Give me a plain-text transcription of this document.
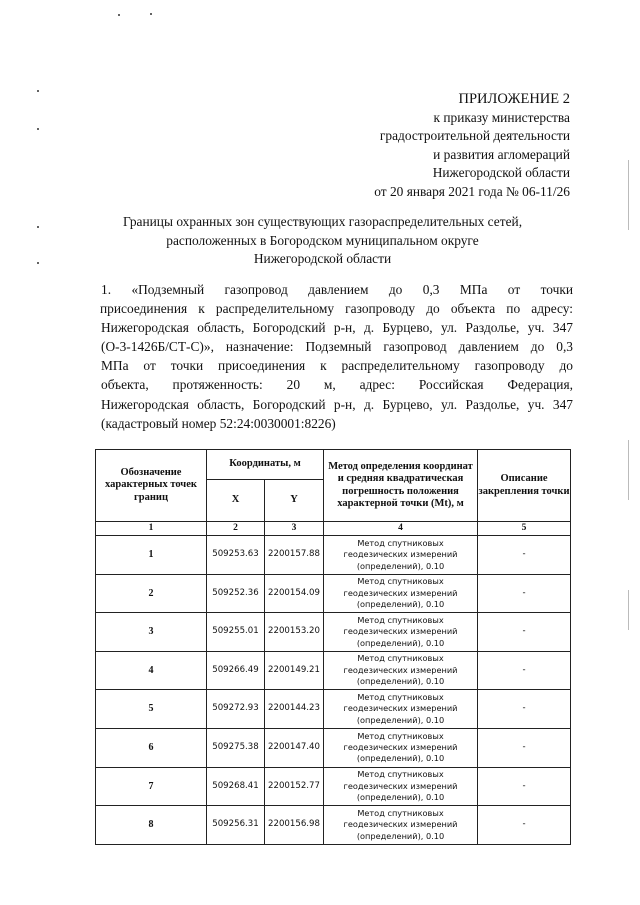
ПРИЛОЖЕНИЕ 2
к приказу министерства
градостроительной деятельности
и развития агломераций
Нижегородской области
от 20 января 2021 года № 06-11/26
Границы охранных зон существующих газораспределительных сетей,
расположенных в Богородском муниципальном округе
Нижегородской области
1. «Подземный газопровод давлением до 0,3 МПа от точки
присоединения к распределительному газопроводу до объекта по адресу:
Нижегородская область, Богородский р-н, д. Бурцево, ул. Раздолье, уч. 347
(О-3-1426Б/СТ-С)», назначение: Подземный газопровод давлением до 0,3
МПа от точки присоединения к распределительному газопроводу до
объекта, протяженность: 20 м, адрес: Российская Федерация,
Нижегородская область, Богородский р-н, д. Бурцево, ул. Раздолье, уч. 347
(кадастровый номер 52:24:0030001:8226)
Обозначение характерных точек границ	Координаты, м		Метод определения координат и средняя квадратическая погрешность положения характерной точки (Mt), м	Описание закрепления точки
	X	Y		
1	2	3	4	5
1	509253.63	2200157.88	Метод спутниковых геодезических измерений (определений), 0.10	-
2	509252.36	2200154.09	Метод спутниковых геодезических измерений (определений), 0.10	-
3	509255.01	2200153.20	Метод спутниковых геодезических измерений (определений), 0.10	-
4	509266.49	2200149.21	Метод спутниковых геодезических измерений (определений), 0.10	-
5	509272.93	2200144.23	Метод спутниковых геодезических измерений (определений), 0.10	-
6	509275.38	2200147.40	Метод спутниковых геодезических измерений (определений), 0.10	-
7	509268.41	2200152.77	Метод спутниковых геодезических измерений (определений), 0.10	-
8	509256.31	2200156.98	Метод спутниковых геодезических измерений (определений), 0.10	-
